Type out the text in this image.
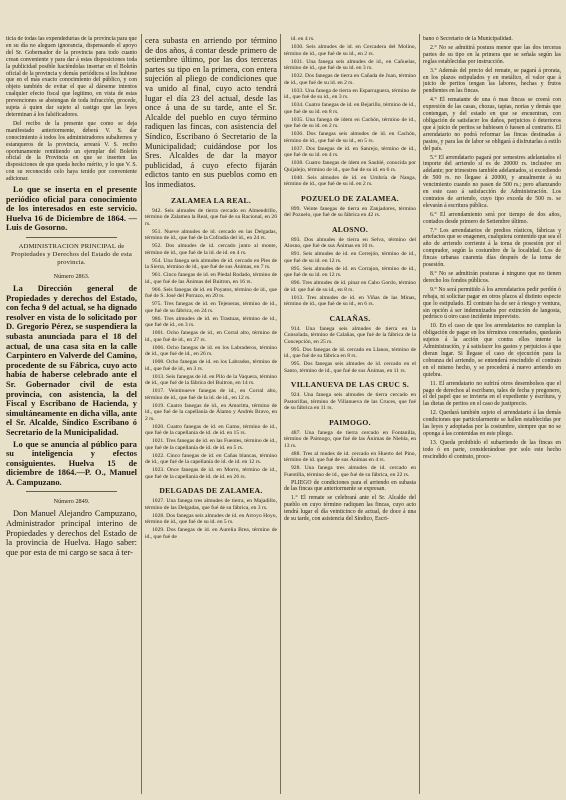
ticia de todas las expendedurías de la provincia para que en su día no aleguen ignorancia, dispensando el apoyo del Sr. Gobernador de la provincia para todo cuanto crean conveniente y para dar á estas disposiciones toda la publicidad posible haciéndolas insertar en el Boletín oficial de la provincia y demás periódicos si los hubiese que en el más exacto conocimiento del público, y con objeto también de evitar el que al dárseme intentos cualquier efecto fiscal que legitimo, en vista de estas prevenciones se abstengan de toda infracción, procede, sujeta á quien dar sujeto al castigo que las leyes determinan á los falsificadores.

Del recibo de la presente que como se deja manifestado anteriormente, deberá V. S. dar conocimiento á todos los administradores subalternos y estanqueros de la provincia, arreará V. S. recibo oportunamente remitiendo un ejemplar del Boletín oficial de la Provincia en que se inserten las disposiciones de que queda hecho mérito, y lo que V. S. con su reconocido celo haya tenido por conveniente adicionar.

Lo que se inserta en el presente periódico oficial para conocimiento de los interesados en este servicio. Huelva 16 de Diciembre de 1864. —Luis de Gosorno.

ADMINISTRACION PRINCIPAL de Propiedades y Derechos del Estado de esta provincia.
Número 2863.

La Dirección general de Propiedades y derechos del Estado, con fecha 9 del actual, se ha dignado resolver en vista de lo solicitado por D. Gregorio Pérez, se suspendiera la subasta anunciada para el 18 del actual, de una casa sita en la calle Carpintero en Valverde del Camino, procedente de su Fábrica, cuyo acto había de haberse celebrado ante el Sr. Gobernador civil de esta provincia, con asistencia, la del Fiscal y Escribano de Hacienda, y simultáneamente en dicha villa, ante el Sr. Alcalde, Síndico Escribano ó Secretario de la Municipalidad.

Lo que se anuncia al público para su inteligencia y efectos consiguientes. Huelva 15 de diciembre de 1864.—P. O., Manuel A. Campuzano.

Número 2849.

Don Manuel Alejandro Campuzano, Administrador principal interino de Propiedades y derechos del Estado de la provincia de Huelva. Hago saber: que por esta de mi cargo se saca á ter-

cera subasta en arriendo por término de dos años, á contar desde primero de setiembre último, por las dos terceras partes su tipo en la primera, con entera sujeción al pliego de condiciones que va unido al final, cuyo acto tendrá lugar el día 23 del actual, desde las once á una de su tarde, ante el Sr. Alcalde del pueblo en cuyo término radiquen las fincas, con asistencia del Síndico, Escribano ó Secretario de la Municipalidad; cuidándose por los Sres. Alcaldes de dar la mayor publicidad, á cuyo efecto fijarán edictos tanto en sus pueblos como en los inmediatos.

ZALAMEA LA REAL.

942. Seis almudes de tierra cercado en Almendrillo, término de Zalamea la Real, que fué de su Racional, en 26 rs.

951. Nueve almudes de id. cercado en las Delgadas, término de id., que fué de la Cofradía del id., en 24 rs.

952. Dos almudes de id. cercado junto al monte, término de id., que fué de la id. de id. en 4 rs.

954. Una fanega seis almudes de id. cercado en Pies de la Sierra, término de id., que fué de sus Ánimas, en 7 rs.

961. Cinco fanegas de id. en Piedal Rodado, término de id., que fué de las Ánimas del Buitron, en 16 rs.

966. Seis fanegas de id. en Poyatos, término de id., que fué de S. José del Porrazo, en 20 rs.

975. Tres fanegas de id. en Tejeneras, término de id., que fué de su fábrica, en 24 rs.

986. Tres almudes de id. en Trastuas, término de id., que fué de id., en 3 rs.

1001. Ocho fanegas de id., en Corral alto, término de id., que fué de id., en 27 rs.

1006. Ocho fanegas de id. en los Labraderos, término de id., que fué de id., en 26 rs.

1008. Ocho fanegas de id. en los Labrados, término de id., que fué de id., en 3 rs.

1013. Seis fanegas de id. en Pilo de la Vaquera, término de id., que fué de la fábrica del Buitron, en 14 rs.

1017. Veintinueve fanegas de id., en Corral alto, término de id., que fué de la id. de id., en 12 rs.

1019. Cuatro fanegas de id., en Amoritta, término de id., que fué de la capellanía de Álamo y Andrés Bravo, en 2 rs.

1020. Cuatro fanegas de id. en Gamo, término de id., que fué de la capellanía de id. de id. en 15 rs.

1021. Tres fanegas de id. en las Fuentes, término de id., que fué de la capellanía de id. de id. en 5 rs.

1022. Cinco fanegas de id. en Cañas blancas, término de id., que fué de la capellanía de id. de id. en 12 rs.

1023. Once fanegas de id. en Morro, término de id., que fué de la capellanía de id. de id. en 26 rs.

DELGADAS DE ZALAMEA.

1027. Una fanega tres almudes de tierra, en Majadillo, término de las Delgadas, que fué de su fábrica, en 3 rs.

1028. Dos fanegas seis almudes de id. en Arroyo Hoyo, término de id., que fué de su id. en 5 rs.

1029. Dos fanegas de id. en Aurelia Brea, término de id., que fué de

id. en 4 rs.

1030. Seis almudes de id. en Cercadera del Molino, término de id., que fué de su id., en 2 rs.

1031. Una fanega seis almudes de id., en Cañuelas, término de id., que fué de su id. en 3 rs.

1032. Dos fanegas de tierra en Cañada de Juan, término de id., que fué de su id. en 2 rs.

1033. Una fanega de tierra en Esparraguera, término de id., que fué de su id., en 3 rs.

1034. Cuatro fanegas de id. en Bejarillo, término de id., que fué de su id. en 8 rs.

1035. Una fanega de ídem en Cachón, término de id., que fué de su id. en 2 rs.

1036. Dos fanegas seis almudes de id. en Cachón, término de id., que fué de su id., en 5 rs.

1037. Dos fanegas de id. en Sanrejo, término de id., que fué de su id. en 4 rs.

1038. Cuatro fanegas de ídem en Saublé, conocida por Quijalejo, término de id., que fué de su id. en 6 rs.

1040. Seis almudes de id. en Umbría de Nanga, término de id., que fué de su id. en 2 rs.

POZUELO DE ZALAMEA.

899. Veinte fanegas de tierra en Zanjadores, término del Pozuelo, que fué de su fábrica en 42 rs.

ALOSNO.

893. Dos almudes de tierra en Selva, término del Alosno, que fué de sus Ánimas en 10 rs.

891. Seis almudes de id. en Cerrejón, término de id., que fué de su id. en 12 rs.

895. Seis almudes de id. en Corrajon, término de id., que fué de su id. en 12 rs.

896. Tres almudes de id. pinar en Cabo Gordo, término de id. que fué de su id., en 8 rs.

1013. Tres almudes de id. en Viñas de las Minas, término de id., que fué de su id., en 6 rs.

CALAÑAS.

914. Una fanega seis almudes de tierra en la Consolada, término de Calañas, que fué de la fábrica de la Concepción, en 25 rs.

995. Dos fanegas de id. cercado en Llanos, término de id., que fué de su fábrica en 8 rs.

995. Dos fanegas seis almudes de id. cercado en el Santo, término de id., que fué de sus Ánimas, en 11 rs.

VILLANUEVA DE LAS CRUC S.

924. Una fanega seis almudes de tierra cercado en Pastorillas, término de Villanueva de las Cruces, que fué de su fábrica en 11 rs.

PAIMOGO.

487. Una fanega de tierra cercado en Fontanilla, término de Paimogo, que fué de las Ánimas de Niebla, en 13 rs.

488. Tres al mudes de id. cercado en Huerto del Pino, término de id. que fué de sus Ánimas en 4 rs.

928. Una fanega tres almudes de id. cercado en Fuentilla, término de id., que fué de su fábrica, en 22 rs.

PLIEGO de condiciones para el arriendo en subasta de las fincas que anteriormente se expresan.

1.° El remate se celebrará ante el Sr. Alcalde del pueblo en cuyo término radiquen las fincas, cuyo acto tendrá lugar el día veinticinco de actual, de doce á una de su tarde, con asistencia del Síndico, Escri-

bano ó Secretario de la Municipalidad.

2.° No se admitirá postura menor que las dos terceras partes de su tipo en la primera que se señala según las reglas establecidas por instrucción.

3.° Además del precio del remate, se pagará á prorata, en los plazos estipulados y en metálico, el valor que á juicio de peritos tengan las labores, hechas y frutos pendientes en las fincas.

4.° El rematante de una ó mas fincas se creerá con expresión de las casas, chozas, tapias, norias y demás que contengan, y del estado en que se encuentran, con obligación de satisfacer los daños, perjuicios ó deterioros que á juicio de peritos se hubiesen ó fuesen al contrario. El arrendatario no podrá reformar las fincas destinadas á pastos, y para las de labor se obligará á disfrutarlas á estilo del país.

5.° El arrendatario pagará por semestres adelantados el importe del arriendo si es de 20000 rs. inclusive en adelante; por trimestres también adelantados, si excediendo de 500 rs. no llegase á 20000, y anualmente á su vencimiento cuando no pasen de 500 rs.; pero afianzando en este caso á satisfacción de Administración. Los contratos de arriendo, cuyo tipo exceda de 500 rs. se elevarán á escritura pública.

6.° El arrendamiento será por tiempo de dos años, contados desde primero de Setiembre último.

7.° Los arrendatarios de predios rústicos, fábricas y artefactos que se enagenen, cualquiera contenido que sea el año de arriendo corriente á la toma de posesión por el comprador, según la costumbre de la localidad. Los de fincas urbanas cuarenta días después de la toma de posesión.

8.° No se admitirán posturas á ninguno que no tienen derecho los fondos públicos.

9.° No será permitido á los arrendatarios pedir perdón ó rebaja, ni solicitar pagar en otros plazos al distinto especie que lo estipulado. El contrato ha de ser á riesgo y ventura, sin opción á ser indemnizados por extinción de langosta, pedrisco ú otro caso incidente imprevisto.

10. En el caso de que los arrendatarios no cumplan la obligación de pagar en los términos concertados, quedarán sujetos á la acción que contra ellos intente la Administración, y á satisfacer los gastos y perjuicios á que dieran lugar. Si llegase el caso de ejecución para la cobranza del arriendo, se entenderá rescindido el contrato en el mismo hecho, y se procederá á nuevo arriendo en quiebra.

11. El arrendatario no sufrirá otros desembolsos que el pago de derechos al escribano, tales de fecha y pregonero, el del papel que se invierta en el expediente y escritura, y las dietas de peritos en el caso de justiprecio.

12. Quedará también sujeto el arrendatario á las demás condiciones que particularmente se hallen establecidas por las leyes y adoptadas por la costumbre, siempre que no se oponga á las contenidas en este pliego.

13. Queda prohibido el subarriendo de las fincas en todo ó en parte, considerándose por solo este hecho rescindido el contrato, proce-
